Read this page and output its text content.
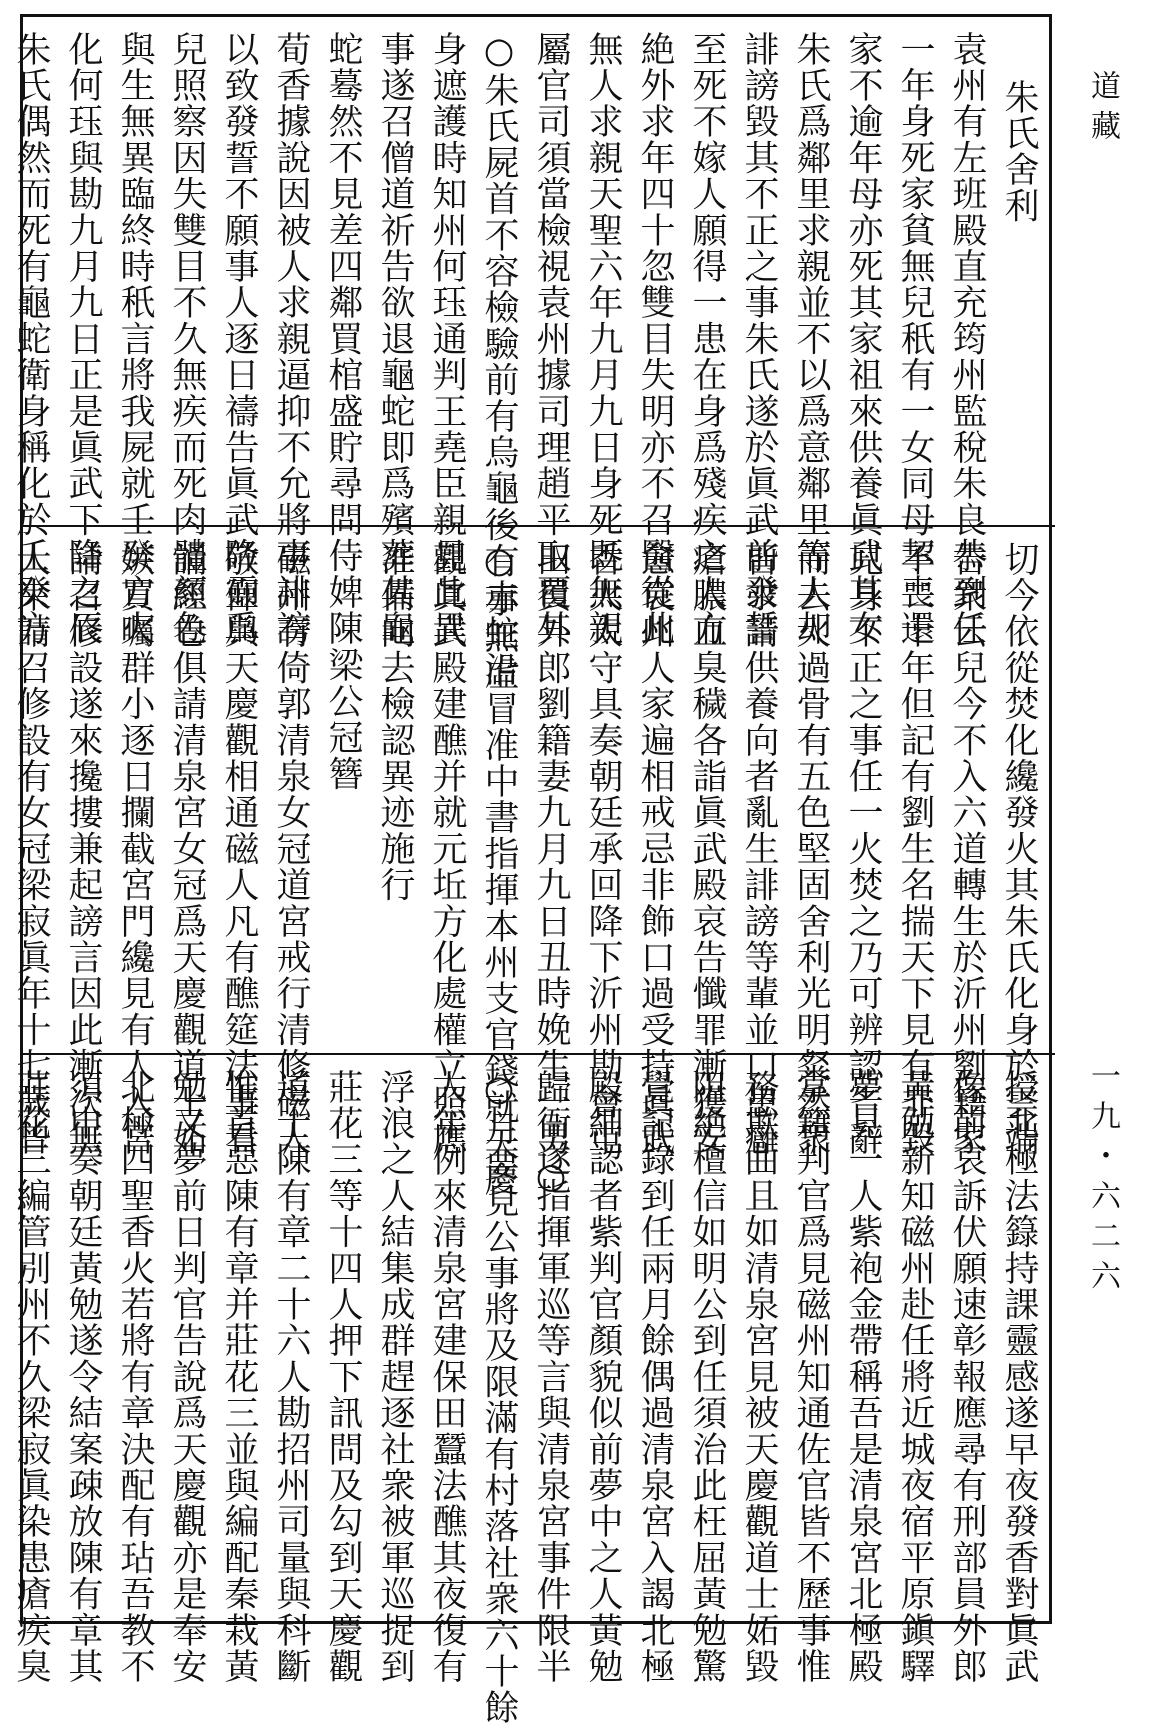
朱氏舍利
袁州有左班殿直充筠州監稅朱良恭到任
一年身死家貧無兒秖有一女同母挈喪還
家不逾年母亦死其家祖來供養眞武其女
朱氏爲鄰里求親並不以爲意鄰里等人却
誹謗毀其不正之事朱氏遂於眞武前發誓
至死不嫁人願得一患在身爲殘疾之人方
絶外求年四十忽雙目失明亦不召醫從此
無人求親天聖六年九月九日身死既無親
屬官司須當檢視袁州據司理趙平取覆其
○朱氏屍首不容檢驗前有烏龜後有赤蛇沿
身遮護時知州何珏通判王堯臣親見此異
事遂召僧道祈告欲退龜蛇即爲殯葬其龜
蛇蓦然不見差四鄰買棺盛貯尋問侍婢陳
荀香據說因被人求親逼抑不允將事誹謗
以致發誓不願事人逐日禱告眞武降靈爲
兒照察因失雙目不久無疾而死肉體顏色
與生無異臨終時秖言將我屍就壬癸方火
化何珏與勘九月九日正是眞武下降之辰
朱氏偶然而死有龜蛇衛身稱化於壬癸方
切今依從焚化纔發火其朱氏化身於雲端
告衆云兒今不入六道轉生於沂州劉籍家
不二十年但記有劉生名揣天下見有非毀
兒身不正之事任一火焚之乃可辨認告辭
而去火過骨有五色堅固舍利光明粲然衆
皆求請供養向者亂生誹謗等輩並口患癰
瘡膿血臭穢各詣眞武殿哀告懺罪漸獲安
愈袁州人家遍相戒忌非飾口過受持眞武
香火太守具奏朝廷承回降下沂州勘會屯
田員外郎劉籍妻九月九日丑時娩生一男○
○事無虛冒准中書指揮本州支官錢就天慶
觀眞武殿建醮并就元坵方化處權立照應
准備向去檢認異迹施行
梁公冠簪
磁州有倚郭清泉女冠道宮戒行清修磁人
敬仰與天慶觀相通磁人凡有醮筵法事看
誦經卷俱請清泉宮女冠爲天慶觀道士妬
嫉買囑群小逐日攔截宮門纔見有人入宮
請召修設遂來攙摟兼起謗言因此漸次無
人來請召修設有女冠梁寂眞年十七歲曾
授北極法籙持課靈感遂早夜發香對眞武
像前哀訴伏願速彰報應尋有刑部員外郎
黃勉新知磁州赴任將近城夜宿平原鎭驛
夢見一人紫袍金帶稱吾是清泉宮北極殿
掌籍判官爲見磁州知通佐官皆不歷事惟
務欺曲且如清泉宮見被天慶觀道士妬毀
阻絶檀信如明公到任須治此枉屈黃勉驚
覺記錄到任兩月餘偶過清泉宮入謁北極
殿細認者紫判官顏貌似前夢中之人黃勉
歸衙遂指揮軍巡等言與清泉宮事件限半
○月要見公事將及限滿有村落社衆六十餘
人年例來清泉宮建保田蠶法醮其夜復有
浮浪之人結集成群趕逐社衆被軍巡捉到
莊花三等十四人押下訊問及勾到天慶觀
道士陳有章二十六人勘招州司量與科斷
惟首惡陳有章并莊花三並與編配秦栽黃
勉又夢前日判官告說爲天慶觀亦是奉安
北極四聖香火若將有章決配有玷吾教不
須申奏朝廷黃勉遂令結案疎放陳有章其
莊花三編管別州不久梁寂眞染患瘡疾臭
道藏
一九・六二六
